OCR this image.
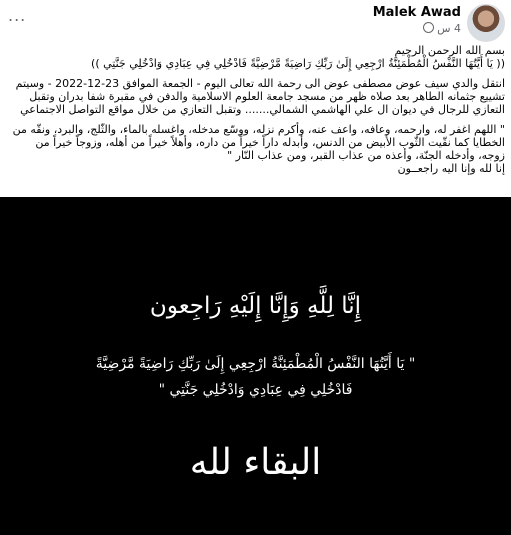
...	Malek Awad
4 س
بسم الله الرحمن الرحيم

(( يَا أَيَّتُهَا النَّفْسُ الْمُطْمَئِنَّةُ ارْجِعِي إِلَىٰ رَبِّكِ رَاضِيَةً مَّرْضِيَّةً فَادْخُلِي فِي عِبَادِي وَادْخُلِي جَنَّتِي ))

انتقل والدي سيف عوض مصطفى عوض الى رحمة الله تعالى اليوم - الجمعة الموافق 23-12-2022 - وسيتم تشييع جثمانه الطاهر بعد صلاه ظهر من مسجد جامعة العلوم الاسلامية والدفن في مقبرة شفا بدران وتقبل التعازي للرجال في ديوان ال علي الهاشمي الشمالي....... وتقبل التعازي من خلال مواقع التواصل الاجتماعي

" اللهم اغفر له، وارحمه، وعافه، واعف عنه، وأكرم نزله، ووسّع مدخله، واغسله بالماء، والثّلج، والبرد، ونقّه من الخطايا كما نقّيت الثّوب الأبيض من الدنس، وأبدله داراً خيراً من داره، وأهلاً خيراً من أهله، وزوجاً خيراً من زوجه، وأدخله الجنّة، وأعذه من عذاب القبر، ومن عذاب النّار "
إنا لله وإنا اليه راجعــون
إِنَّا لِلَّهِ وَإِنَّا إِلَيْهِ رَاجِعون
" يَا أَيَّتُهَا النَّفْسُ الْمُطْمَئِنَّةُ ارْجِعِي إِلَىٰ رَبِّكِ رَاضِيَةً مَّرْضِيَّةً
فَادْخُلِي فِي عِبَادِي وَادْخُلِي جَنَّتِي "
البقاء لله
